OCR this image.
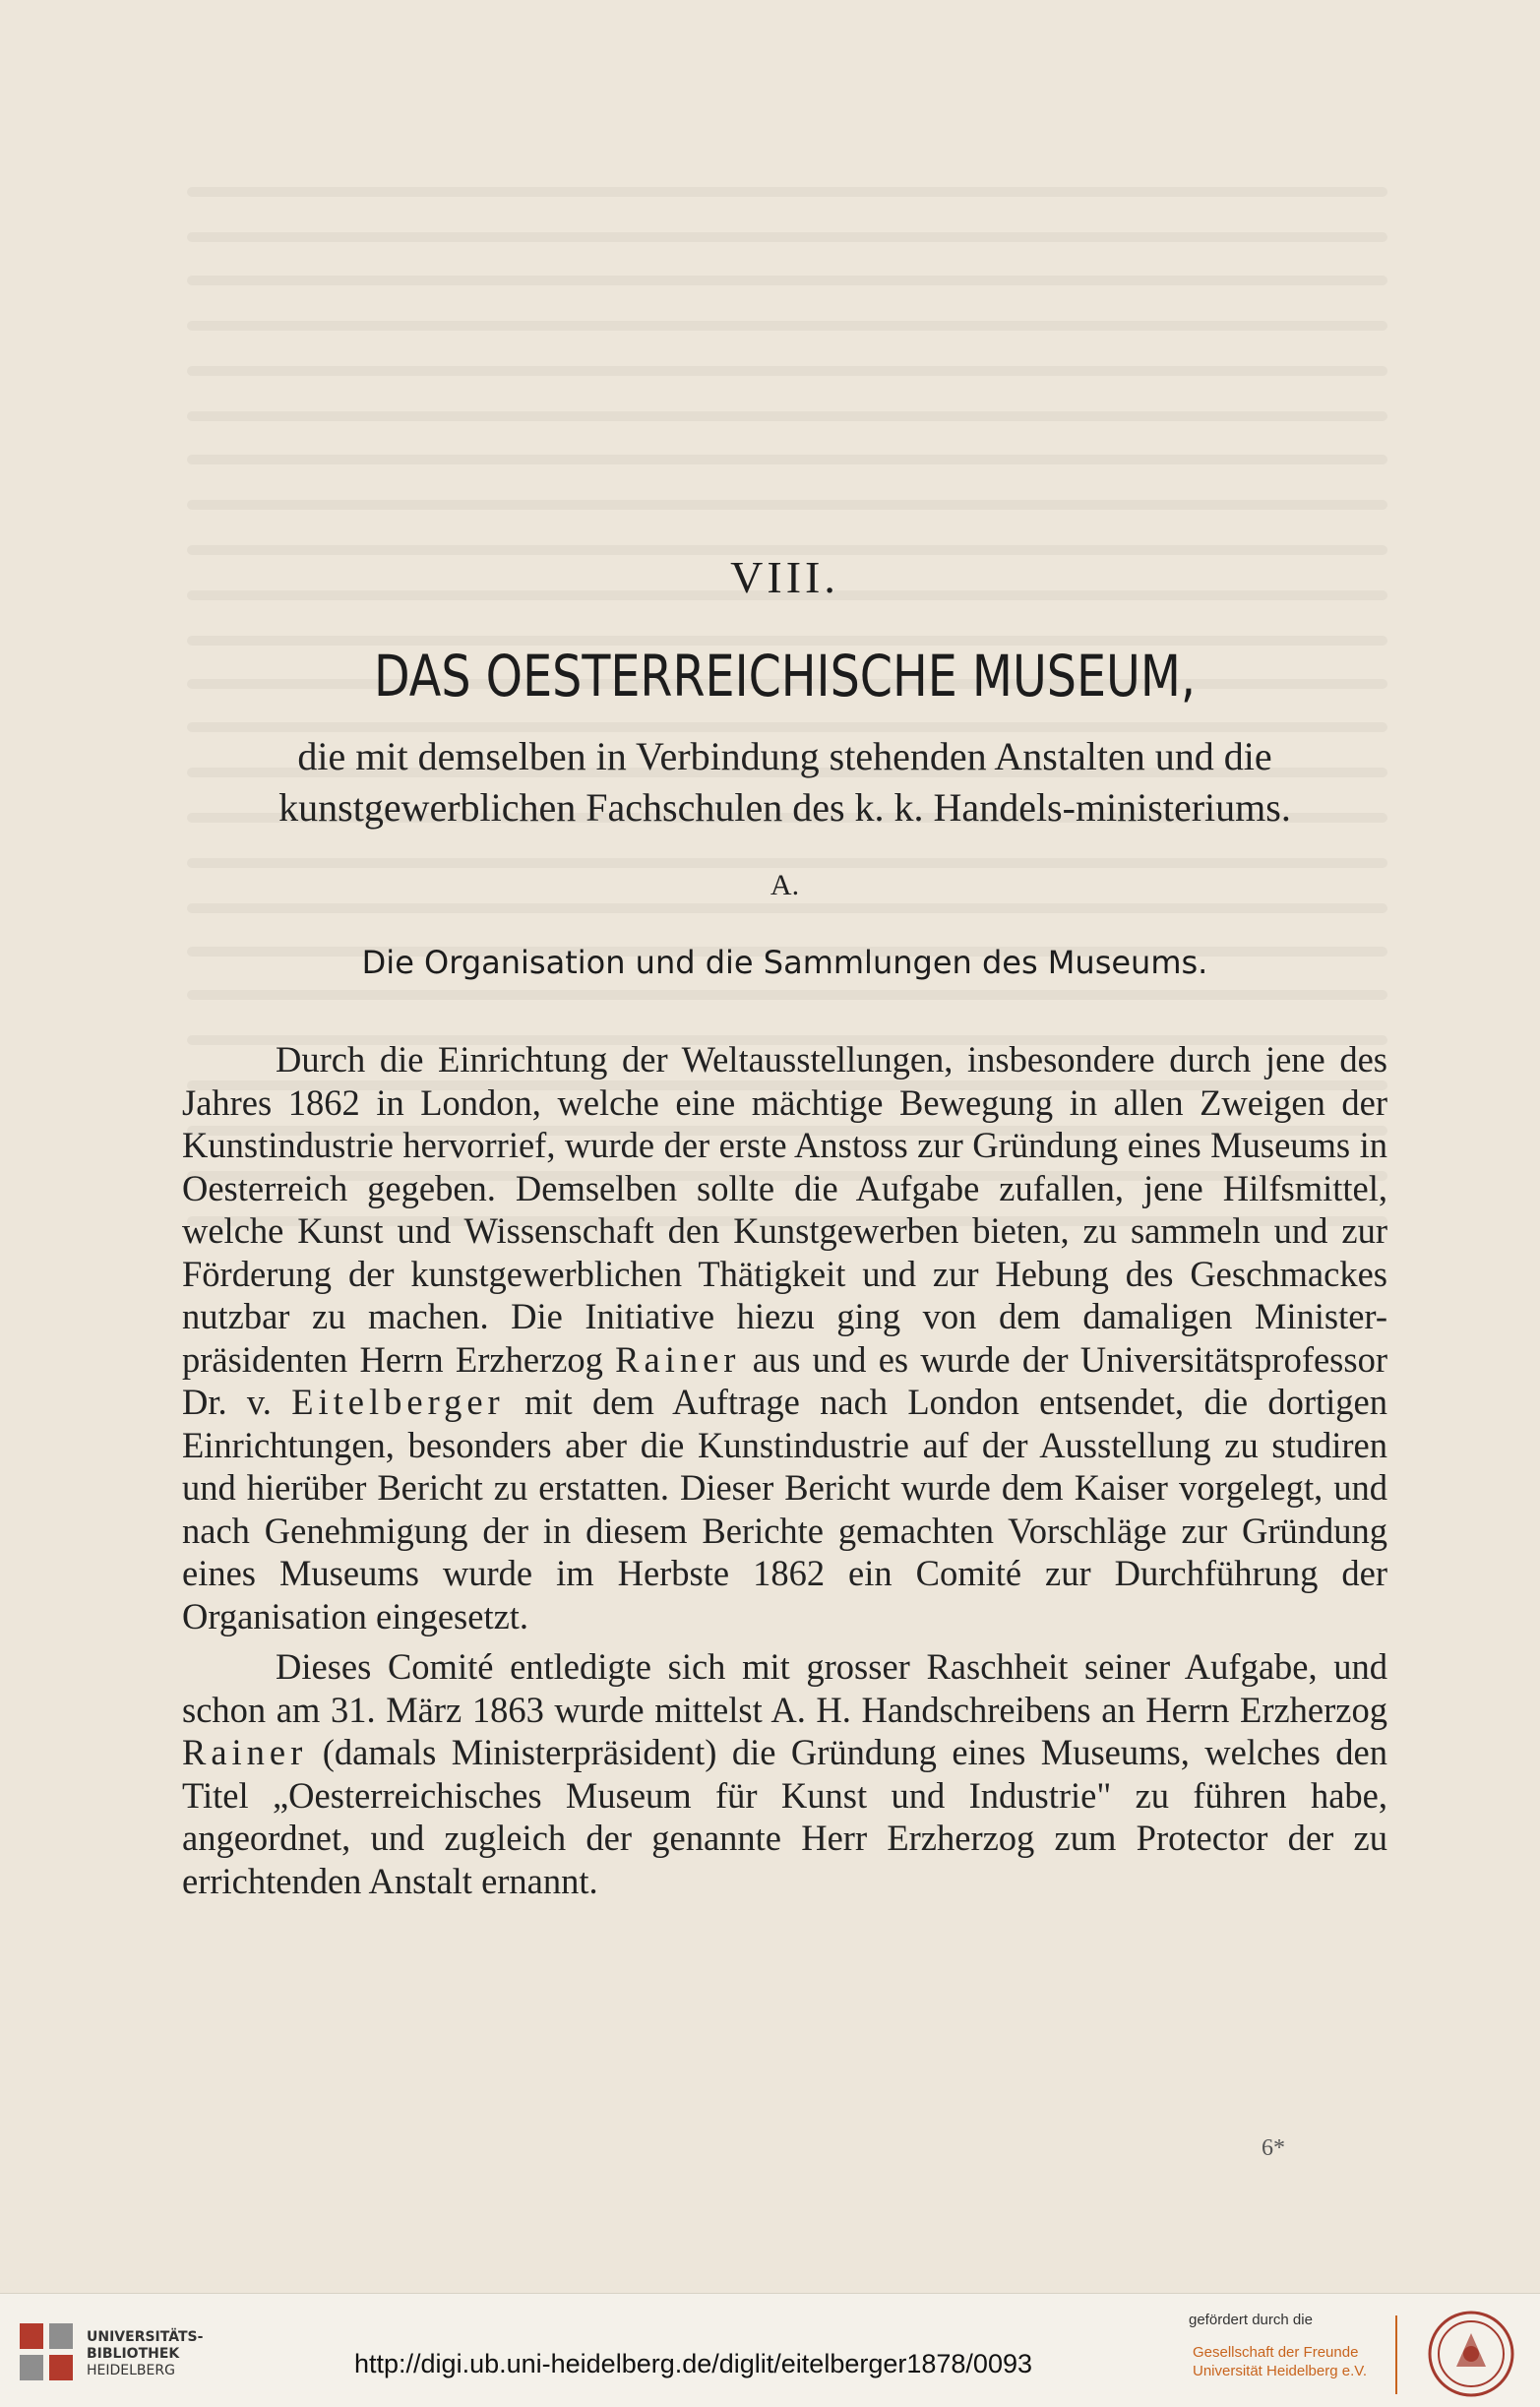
VIII.
DAS OESTERREICHISCHE MUSEUM,
die mit demselben in Verbindung stehenden Anstalten und die kunstgewerblichen Fachschulen des k. k. Handels-ministeriums.
A.
Die Organisation und die Sammlungen des Museums.

Durch die Einrichtung der Weltausstellungen, insbesondere durch jene des Jahres 1862 in London, welche eine mächtige Bewegung in allen Zweigen der Kunstindustrie hervorrief, wurde der erste Anstoss zur Gründung eines Museums in Oesterreich gegeben. Demselben sollte die Aufgabe zufallen, jene Hilfsmittel, welche Kunst und Wissenschaft den Kunstgewerben bieten, zu sammeln und zur Förderung der kunstgewerblichen Thätigkeit und zur Hebung des Geschmackes nutzbar zu machen. Die Initiative hiezu ging von dem damaligen Minister-präsidenten Herrn Erzherzog Rainer aus und es wurde der Universitätsprofessor Dr. v. Eitelberger mit dem Auftrage nach London entsendet, die dortigen Einrichtungen, besonders aber die Kunstindustrie auf der Ausstellung zu studiren und hierüber Bericht zu erstatten. Dieser Bericht wurde dem Kaiser vorgelegt, und nach Genehmigung der in diesem Berichte gemachten Vorschläge zur Gründung eines Museums wurde im Herbste 1862 ein Comité zur Durchführung der Organisation eingesetzt.

Dieses Comité entledigte sich mit grosser Raschheit seiner Aufgabe, und schon am 31. März 1863 wurde mittelst A. H. Handschreibens an Herrn Erzherzog Rainer (damals Ministerpräsident) die Gründung eines Museums, welches den Titel „Oesterreichisches Museum für Kunst und Industrie" zu führen habe, angeordnet, und zugleich der genannte Herr Erzherzog zum Protector der zu errichtenden Anstalt ernannt.

6*
UNIVERSITÄTS-
BIBLIOTHEK
HEIDELBERG	http://digi.ub.uni-heidelberg.de/diglit/eitelberger1878/0093
gefördert durch die
Gesellschaft der Freunde
Universität Heidelberg e.V.
